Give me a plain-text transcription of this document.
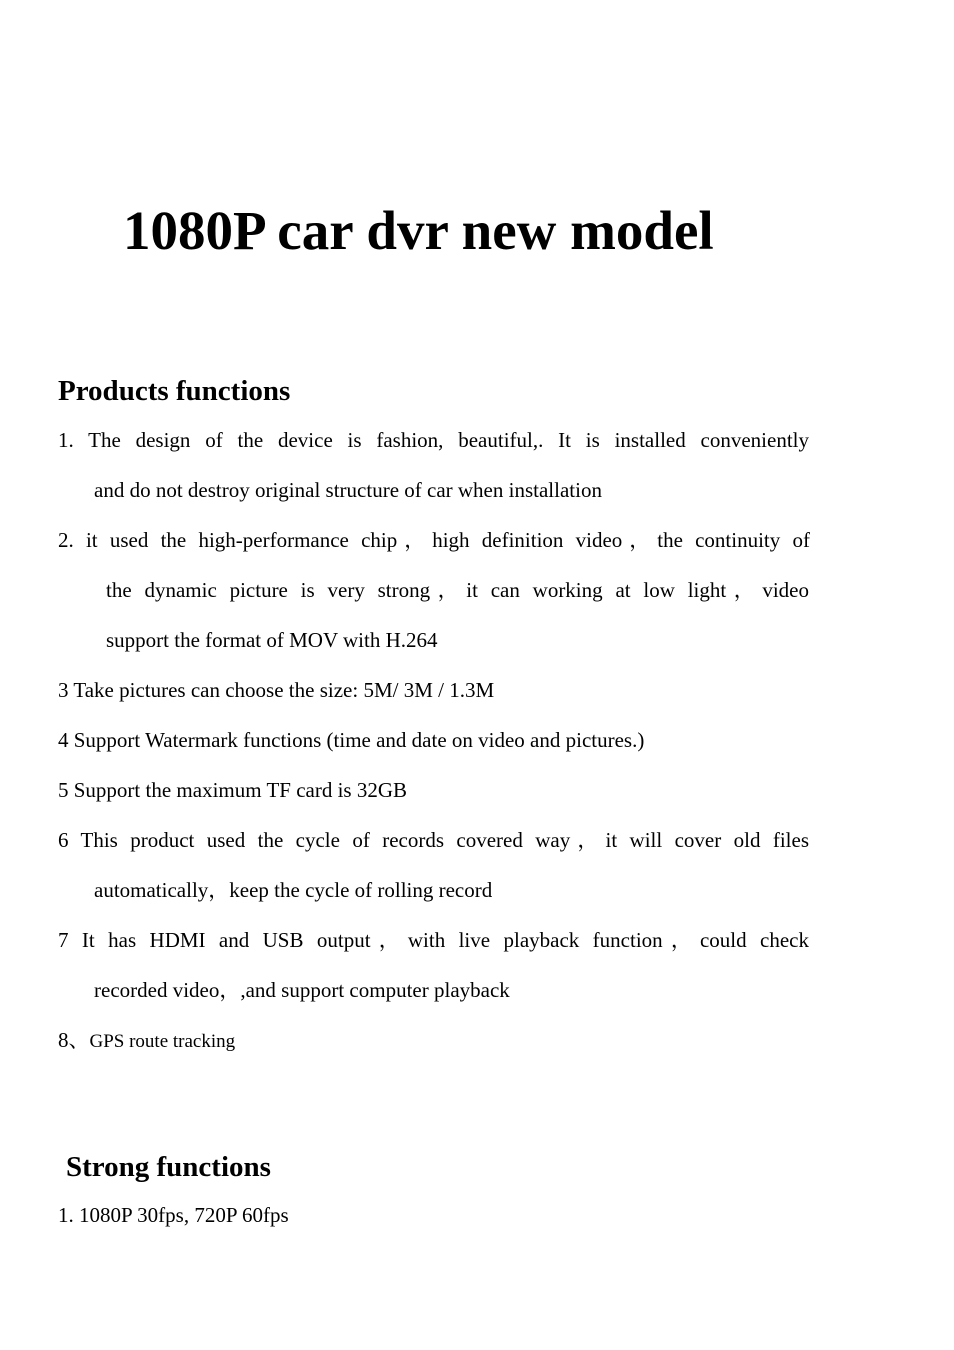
1080P car dvr new model
Products functions

1. The design of the device is fashion, beautiful,. It is installed conveniently

and do not destroy original structure of car when installation

2. it used the high-performance chip，high definition video，the continuity of

the dynamic picture is very strong，it can working at low light，video

support the format of MOV with H.264

3 Take pictures can choose the size: 5M/ 3M / 1.3M

4 Support Watermark functions (time and date on video and pictures.)

5 Support the maximum TF card is 32GB

6 This product used the cycle of records covered way，it will cover old files

automatically，keep the cycle of rolling record

7 It has HDMI and USB output，with live playback function，could check

recorded video，,and support computer playback

8、GPS route tracking

Strong functions

1. 1080P 30fps, 720P 60fps
